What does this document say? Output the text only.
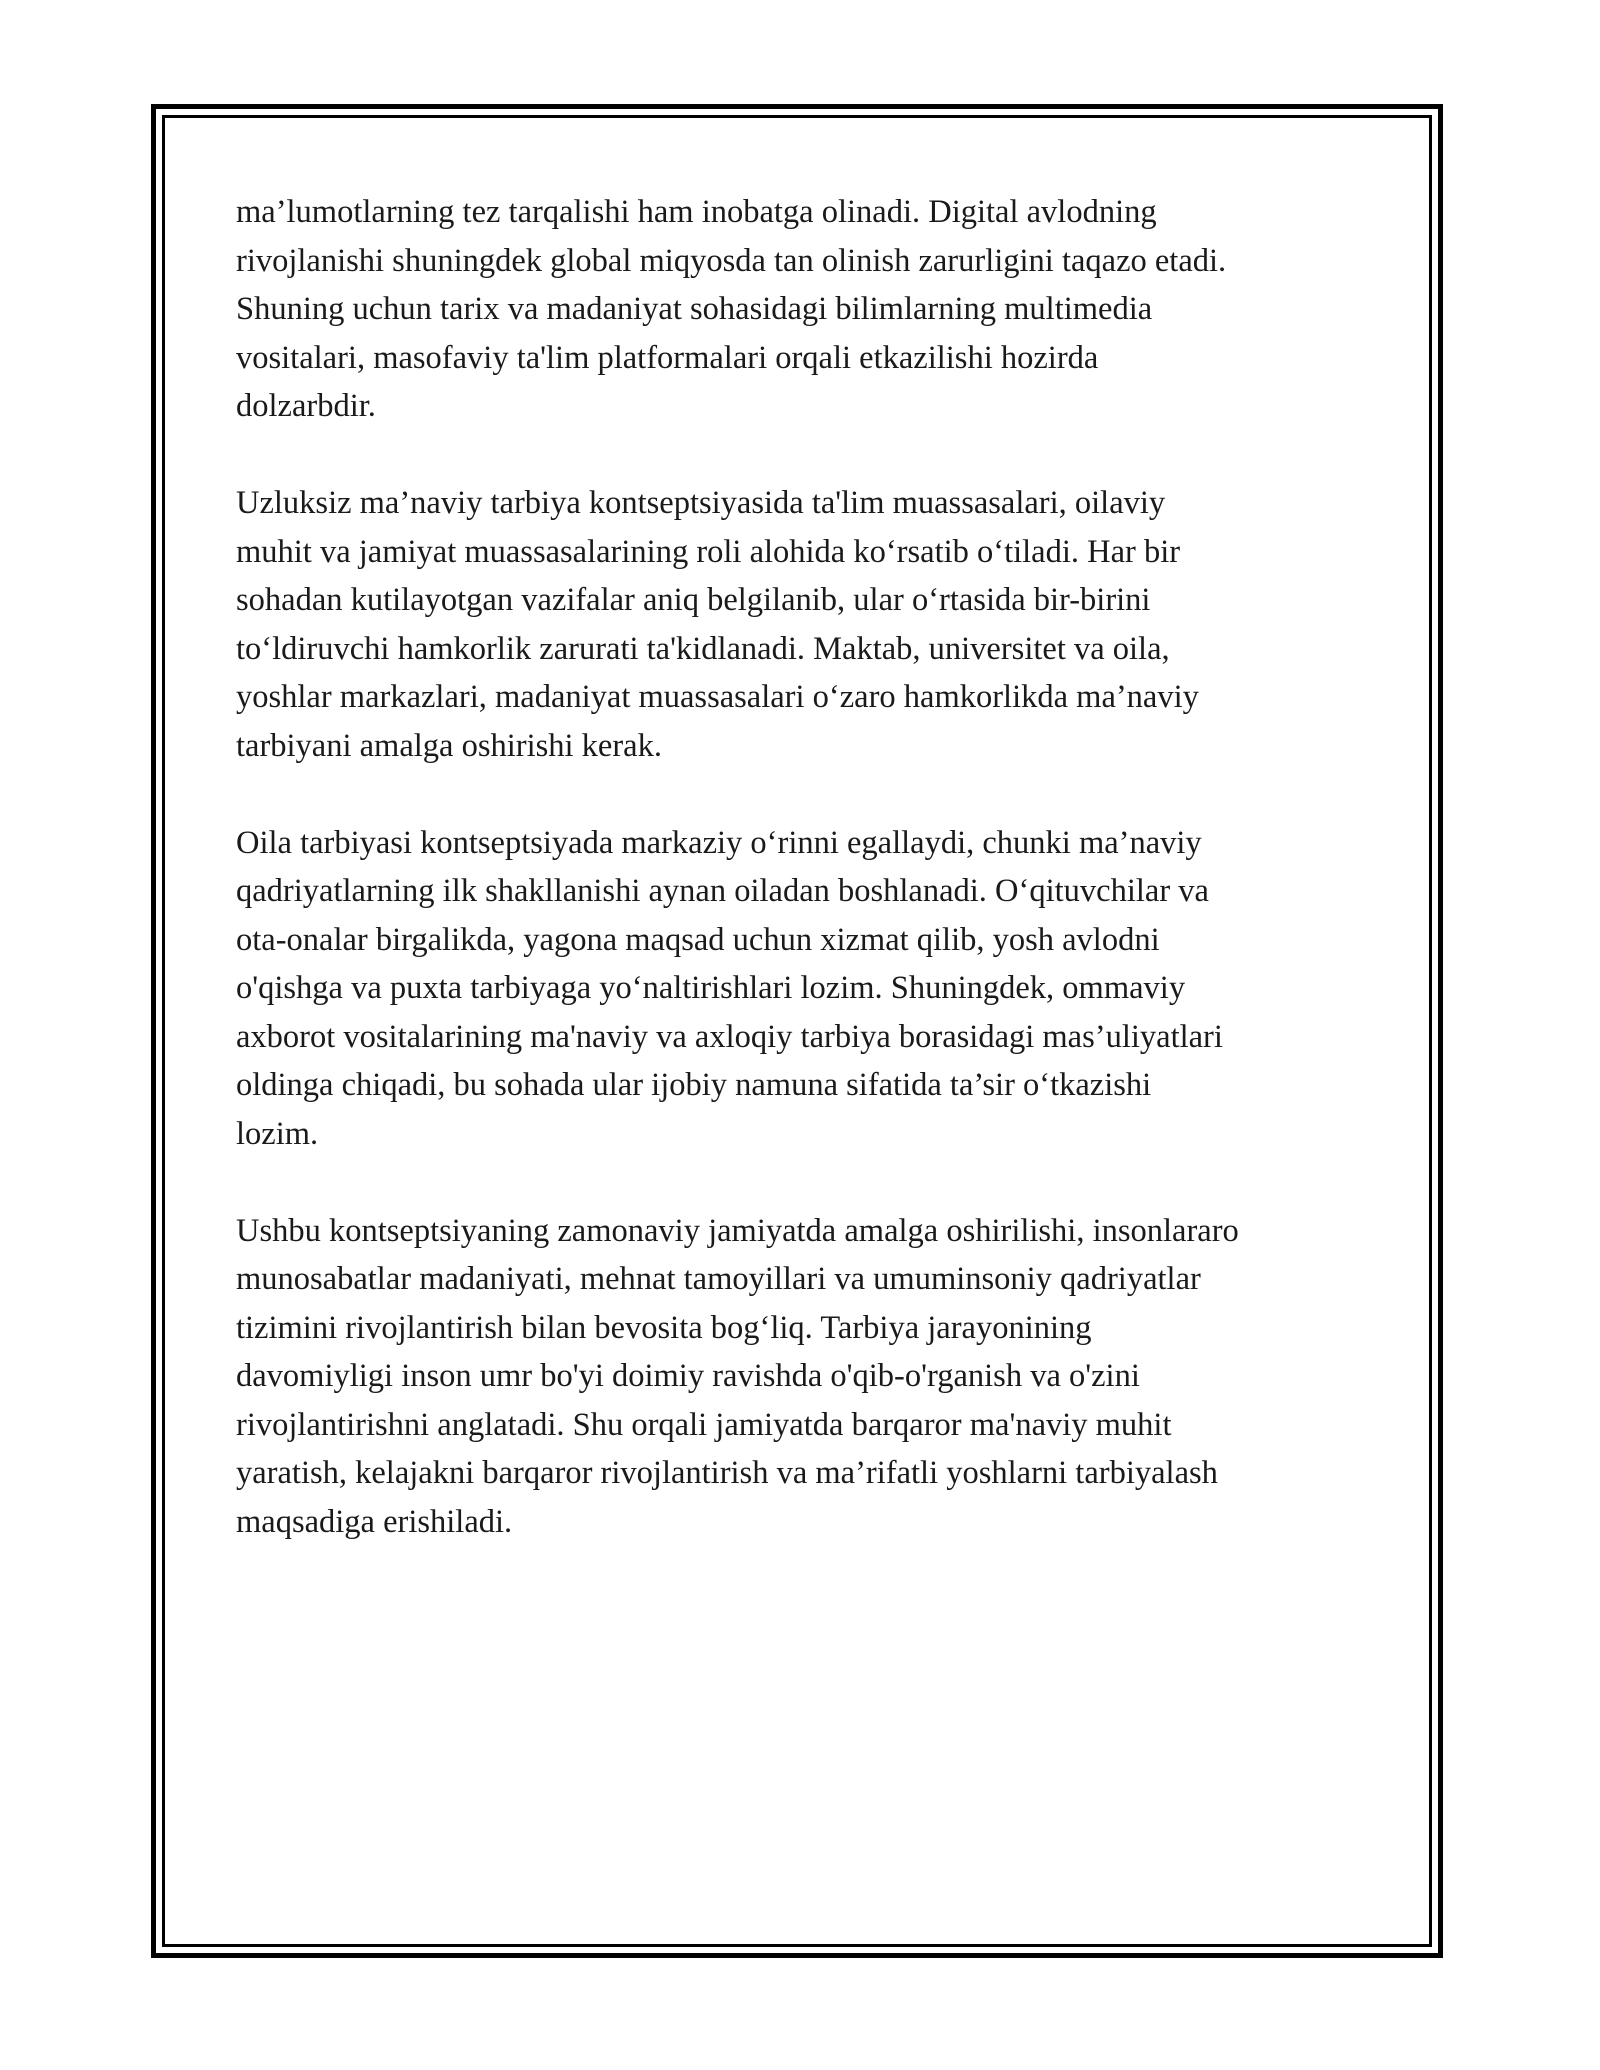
ma’lumotlarning tez tarqalishi ham inobatga olinadi. Digital avlodning
rivojlanishi shuningdek global miqyosda tan olinish zarurligini taqazo etadi.
Shuning uchun tarix va madaniyat sohasidagi bilimlarning multimedia
vositalari, masofaviy ta'lim platformalari orqali etkazilishi hozirda
dolzarbdir.

Uzluksiz ma’naviy tarbiya kontseptsiyasida ta'lim muassasalari, oilaviy
muhit va jamiyat muassasalarining roli alohida ko‘rsatib o‘tiladi. Har bir
sohadan kutilayotgan vazifalar aniq belgilanib, ular o‘rtasida bir-birini
to‘ldiruvchi hamkorlik zarurati ta'kidlanadi. Maktab, universitet va oila,
yoshlar markazlari, madaniyat muassasalari o‘zaro hamkorlikda ma’naviy
tarbiyani amalga oshirishi kerak.

Oila tarbiyasi kontseptsiyada markaziy o‘rinni egallaydi, chunki ma’naviy
qadriyatlarning ilk shakllanishi aynan oiladan boshlanadi. O‘qituvchilar va
ota-onalar birgalikda, yagona maqsad uchun xizmat qilib, yosh avlodni
o'qishga va puxta tarbiyaga yo‘naltirishlari lozim. Shuningdek, ommaviy
axborot vositalarining ma'naviy va axloqiy tarbiya borasidagi mas’uliyatlari
oldinga chiqadi, bu sohada ular ijobiy namuna sifatida ta’sir o‘tkazishi
lozim.

Ushbu kontseptsiyaning zamonaviy jamiyatda amalga oshirilishi, insonlararo
munosabatlar madaniyati, mehnat tamoyillari va umuminsoniy qadriyatlar
tizimini rivojlantirish bilan bevosita bog‘liq. Tarbiya jarayonining
davomiyligi inson umr bo'yi doimiy ravishda o'qib-o'rganish va o'zini
rivojlantirishni anglatadi. Shu orqali jamiyatda barqaror ma'naviy muhit
yaratish, kelajakni barqaror rivojlantirish va ma’rifatli yoshlarni tarbiyalash
maqsadiga erishiladi.
